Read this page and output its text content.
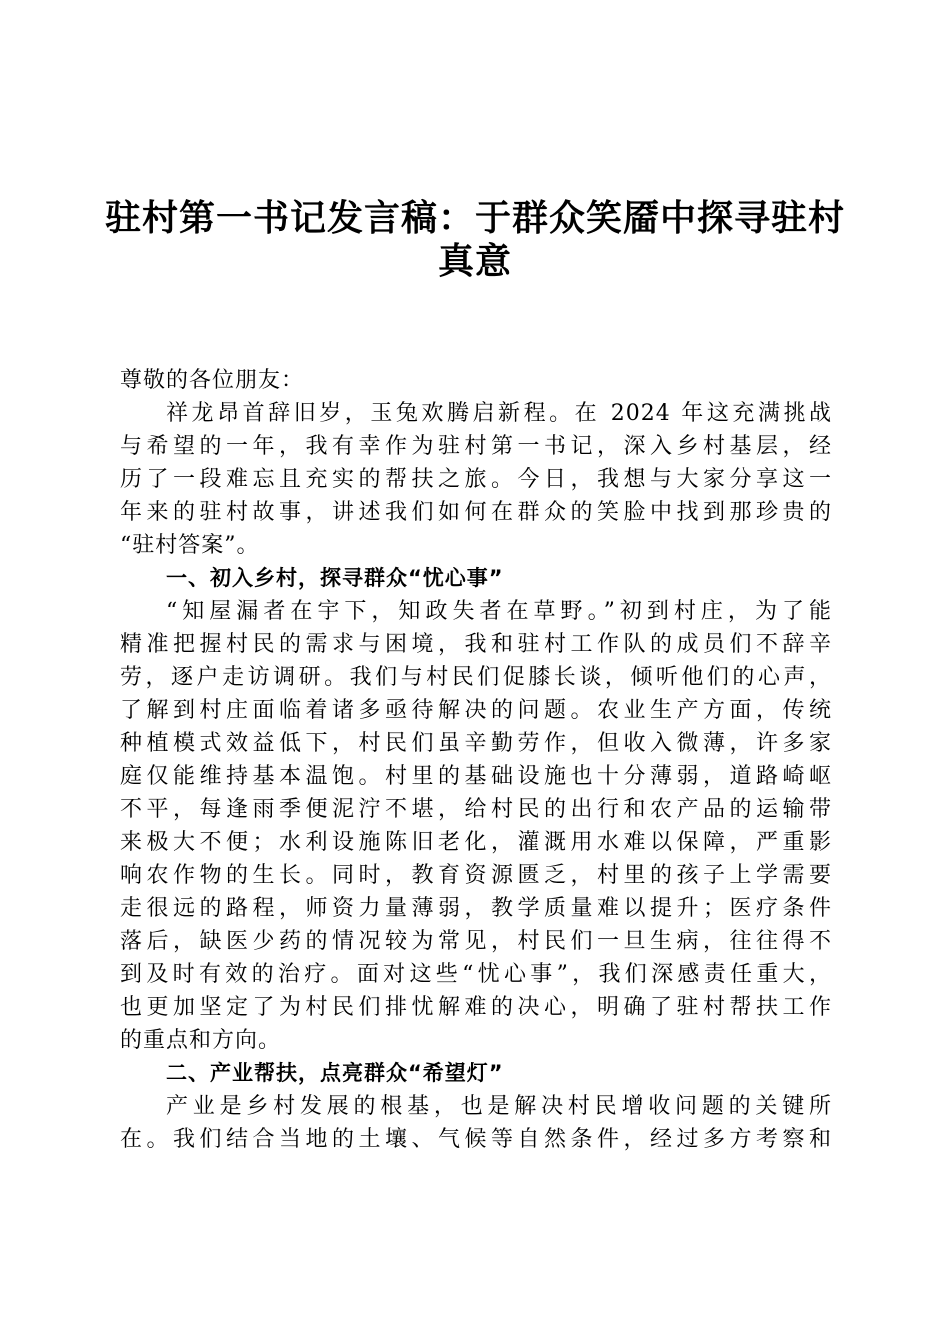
驻村第一书记发言稿：于群众笑靥中探寻驻村
真意
尊敬的各位朋友：
祥龙昂首辞旧岁，玉兔欢腾启新程。在 2024 年这充满挑战
与希望的一年，我有幸作为驻村第一书记，深入乡村基层，经
历了一段难忘且充实的帮扶之旅。今日，我想与大家分享这一
年来的驻村故事，讲述我们如何在群众的笑脸中找到那珍贵的
“驻村答案”。
一、初入乡村，探寻群众“忧心事”
“知屋漏者在宇下，知政失者在草野。”初到村庄，为了能
精准把握村民的需求与困境，我和驻村工作队的成员们不辞辛
劳，逐户走访调研。我们与村民们促膝长谈，倾听他们的心声，
了解到村庄面临着诸多亟待解决的问题。农业生产方面，传统
种植模式效益低下，村民们虽辛勤劳作，但收入微薄，许多家
庭仅能维持基本温饱。村里的基础设施也十分薄弱，道路崎岖
不平，每逢雨季便泥泞不堪，给村民的出行和农产品的运输带
来极大不便；水利设施陈旧老化，灌溉用水难以保障，严重影
响农作物的生长。同时，教育资源匮乏，村里的孩子上学需要
走很远的路程，师资力量薄弱，教学质量难以提升；医疗条件
落后，缺医少药的情况较为常见，村民们一旦生病，往往得不
到及时有效的治疗。面对这些“忧心事”，我们深感责任重大，
也更加坚定了为村民们排忧解难的决心，明确了驻村帮扶工作
的重点和方向。
二、产业帮扶，点亮群众“希望灯”
产业是乡村发展的根基，也是解决村民增收问题的关键所
在。我们结合当地的土壤、气候等自然条件，经过多方考察和
